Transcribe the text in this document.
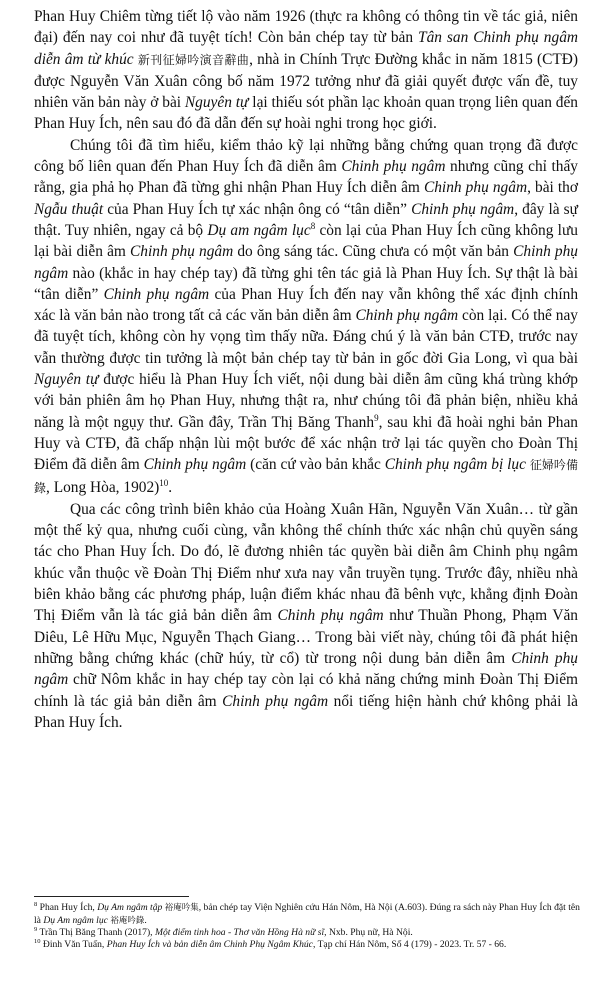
Phan Huy Chiêm từng tiết lộ vào năm 1926 (thực ra không có thông tin về tác giả, niên đại) đến nay coi như đã tuyệt tích! Còn bản chép tay từ bản Tân san Chinh phụ ngâm diễn âm từ khúc 新刊征婦吟演音辭曲, nhà in Chính Trực Đường khắc in năm 1815 (CTĐ) được Nguyễn Văn Xuân công bố năm 1972 tưởng như đã giải quyết được vấn đề, tuy nhiên văn bản này ở bài Nguyên tự lại thiếu sót phần lạc khoản quan trọng liên quan đến Phan Huy Ích, nên sau đó đã dẫn đến sự hoài nghi trong học giới.

Chúng tôi đã tìm hiểu, kiểm thảo kỹ lại những bằng chứng quan trọng đã được công bố liên quan đến Phan Huy Ích đã diễn âm Chinh phụ ngâm nhưng cũng chỉ thấy rằng, gia phả họ Phan đã từng ghi nhận Phan Huy Ích diễn âm Chinh phụ ngâm, bài thơ Ngẫu thuật của Phan Huy Ích tự xác nhận ông có “tân diễn” Chinh phụ ngâm, đây là sự thật. Tuy nhiên, ngay cả bộ Dụ am ngâm lục$^8$ còn lại của Phan Huy Ích cũng không lưu lại bài diễn âm Chinh phụ ngâm do ông sáng tác. Cũng chưa có một văn bản Chinh phụ ngâm nào (khắc in hay chép tay) đã từng ghi tên tác giả là Phan Huy Ích. Sự thật là bài “tân diễn” Chinh phụ ngâm của Phan Huy Ích đến nay vẫn không thể xác định chính xác là văn bản nào trong tất cả các văn bản diễn âm Chinh phụ ngâm còn lại. Có thể nay đã tuyệt tích, không còn hy vọng tìm thấy nữa. Đáng chú ý là văn bản CTĐ, trước nay vẫn thường được tin tưởng là một bản chép tay từ bản in gốc đời Gia Long, vì qua bài Nguyên tự được hiểu là Phan Huy Ích viết, nội dung bài diễn âm cũng khá trùng khớp với bản phiên âm họ Phan Huy, nhưng thật ra, như chúng tôi đã phản biện, nhiều khả năng là một ngụy thư. Gần đây, Trần Thị Băng Thanh$^9$, sau khi đã hoài nghi bản Phan Huy và CTĐ, đã chấp nhận lùi một bước để xác nhận trở lại tác quyền cho Đoàn Thị Điểm đã diễn âm Chinh phụ ngâm (căn cứ vào bản khắc Chinh phụ ngâm bị lục 征婦吟備錄, Long Hòa, 1902)$^{10}$.

Qua các công trình biên khảo của Hoàng Xuân Hãn, Nguyễn Văn Xuân… từ gần một thế kỷ qua, nhưng cuối cùng, vẫn không thể chính thức xác nhận chủ quyền sáng tác cho Phan Huy Ích. Do đó, lẽ đương nhiên tác quyền bài diễn âm Chinh phụ ngâm khúc vẫn thuộc về Đoàn Thị Điểm như xưa nay vẫn truyền tụng. Trước đây, nhiều nhà biên khảo bằng các phương pháp, luận điểm khác nhau đã bênh vực, khẳng định Đoàn Thị Điểm vẫn là tác giả bản diễn âm Chinh phụ ngâm như Thuần Phong, Phạm Văn Diêu, Lê Hữu Mục, Nguyễn Thạch Giang… Trong bài viết này, chúng tôi đã phát hiện những bằng chứng khác (chữ húy, từ cổ) từ trong nội dung bản diễn âm Chinh phụ ngâm chữ Nôm khắc in hay chép tay còn lại có khả năng chứng minh Đoàn Thị Điểm chính là tác giả bản diễn âm Chinh phụ ngâm nổi tiếng hiện hành chứ không phải là Phan Huy Ích.

$^8$ Phan Huy Ích, Dụ Am ngâm tập 裕庵吟集, bản chép tay Viện Nghiên cứu Hán Nôm, Hà Nội (A.603). Đúng ra sách này Phan Huy Ích đặt tên là Dụ Am ngâm lục 裕庵吟錄.

$^9$ Trần Thị Băng Thanh (2017), Một điểm tinh hoa - Thơ văn Hồng Hà nữ sĩ, Nxb. Phụ nữ, Hà Nội.

$^{10}$ Đinh Văn Tuấn, Phan Huy Ích và bản diễn âm Chinh Phụ Ngâm Khúc, Tạp chí Hán Nôm, Số 4 (179) - 2023. Tr. 57 - 66.
